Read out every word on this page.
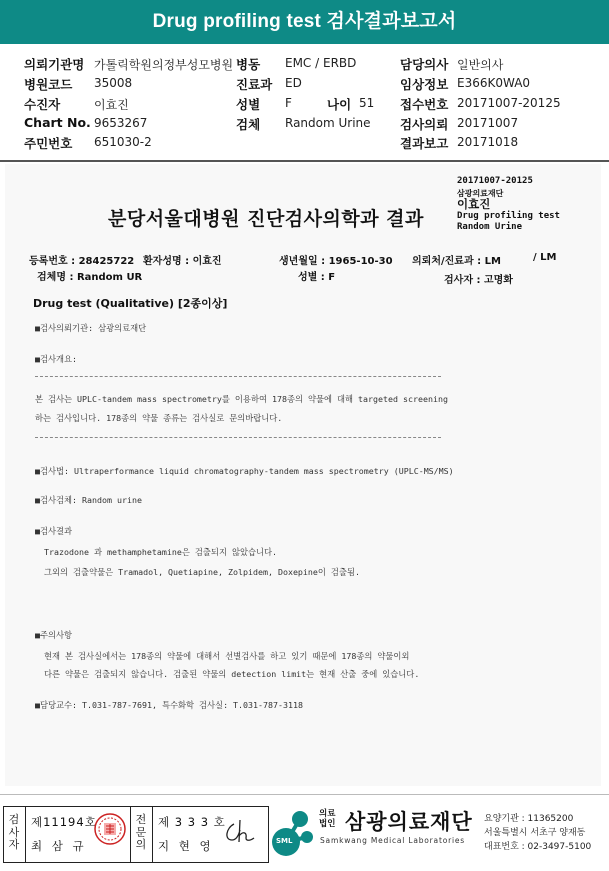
Drug profiling test 검사결과보고서
의뢰기관명 가톨릭학원의정부성모병원 병동 EMC / ERBD	담당의사 일반의사
병원코드 35008	진료과 ED	임상정보 E366K0WA0
수진자	이효진	성별 F	나이 51 접수번호 20171007-20125
Chart No. 9653267	검체 Random Urine 검사의뢰 20171007
주민번호 651030-2	결과보고 20171018
분당서울대병원 진단검사의학과 결과
20171007-20125
삼광의료재단
이효진
Drug profiling test
Random Urine
등록번호 : 28425722 환자성명 : 이효진	생년월일 : 1965-10-30 의뢰처/진료과 : LM	/ LM
검체명 : Random UR	성별 : F	검사자 : 고명화
Drug test (Qualitative) [2종이상]
■검사의뢰기관: 삼광의료재단
■검사개요:
본 검사는 UPLC-tandem mass spectrometry를 이용하여 178종의 약물에 대해 targeted screening
하는 검사입니다. 178종의 약물 종류는 검사실로 문의바랍니다.
■검사법: Ultraperformance liquid chromatography-tandem mass spectrometry (UPLC-MS/MS)
■검사검체: Random urine
■검사결과
Trazodone 과 methamphetamine은 검출되지 않았습니다.
그외의 검출약물은 Tramadol, Quetiapine, Zolpidem, Doxepine이 검출됨.
■주의사항
현재 본 검사실에서는 178종의 약물에 대해서 선별검사를 하고 있기 때문에 178종의 약물이외
다른 약물은 검출되지 않습니다. 검출된 약물의 detection limit는 현재 산출 중에 있습니다.
■담당교수: T.031-787-7691, 특수화학 검사실: T.031-787-3118
검
사
자
제11194호
최 삼 규
전
문
의
제 3 3 3 호
지 현 영	SML
의료법인 삼광의료재단
Samkwang Medical Laboratories
요양기관 : 11365200
서울특별시 서초구 양재동
대표번호 : 02-3497-5100
